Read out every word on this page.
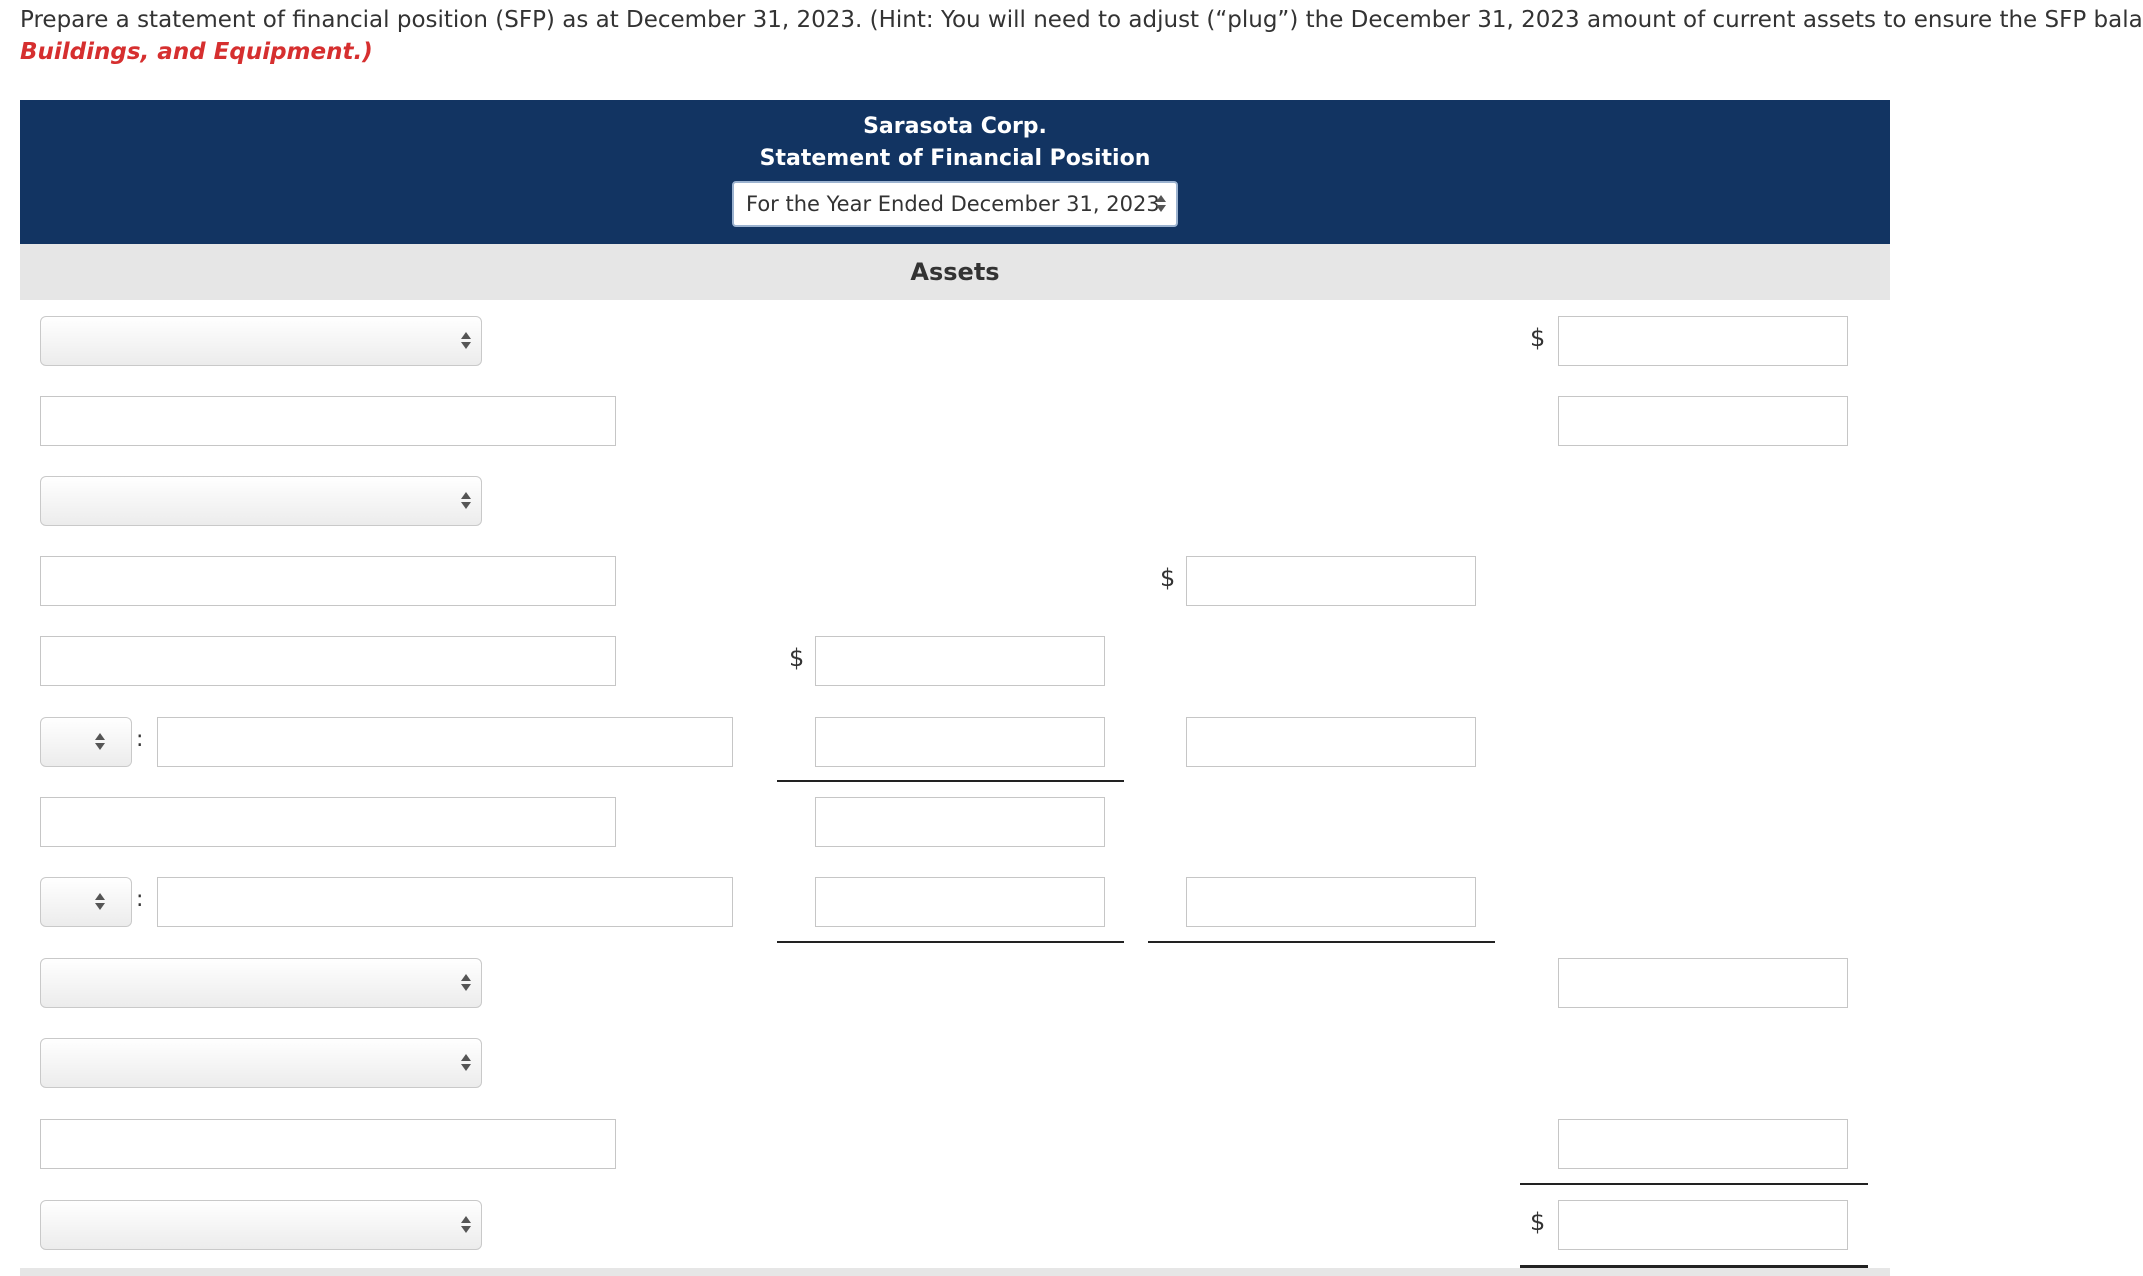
Prepare a statement of financial position (SFP) as at December 31, 2023. (Hint: You will need to adjust (“plug”) the December 31, 2023 amount of current assets to ensure the SFP bala
Buildings, and Equipment.)
Sarasota Corp.
Statement of Financial Position
For the Year Ended December 31, 2023
Assets
$
$
$
:
:
$
